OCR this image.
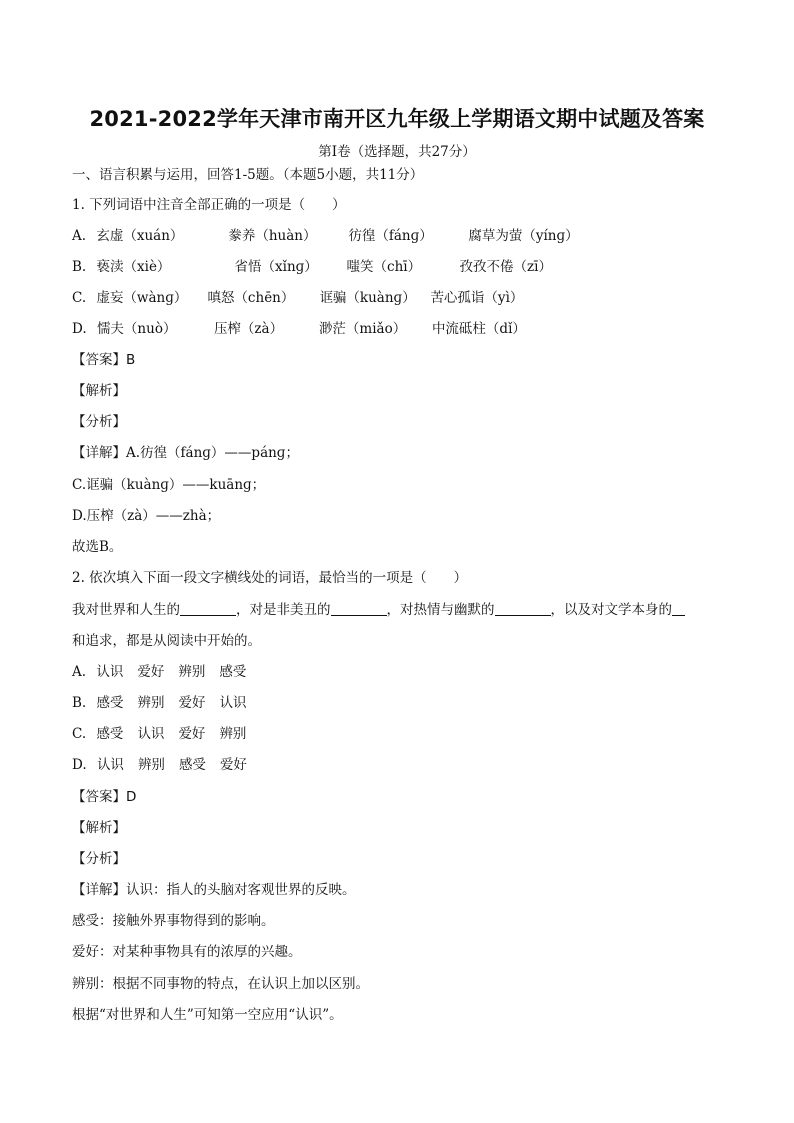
2021-2022学年天津市南开区九年级上学期语文期中试题及答案
第Ⅰ卷（选择题，共27分）
一、语言积累与运用，回答1-5题。（本题5小题，共11分）
1. 下列词语中注音全部正确的一项是（　　）
A. 玄虚（xuán）	豢养（huàn） 彷徨（fánɡ）	腐草为萤（yínɡ）
B. 亵渎（xiè）	省悟（xǐnɡ） 嗤笑（chī）	孜孜不倦（zī）
C. 虚妄（wànɡ） 嗔怒（chēn） 诓骗（kuànɡ） 苦心孤诣（yì）
D. 懦夫（nuò）	压榨（zà）	渺茫（miǎo） 中流砥柱（dǐ）
【答案】B
【解析】
【分析】
【详解】A.彷徨（fánɡ）——pánɡ；
C.诓骗（kuànɡ）——kuānɡ；
D.压榨（zà）——zhà；
故选B。
2. 依次填入下面一段文字横线处的词语，最恰当的一项是（　　）
我对世界和人生的	，对是非美丑的	，对热情与幽默的	，以及对文学本身的
和追求，都是从阅读中开始的。
A. 认识 爱好 辨别 感受
B. 感受 辨别 爱好 认识
C. 感受 认识 爱好 辨别
D. 认识 辨别 感受 爱好
【答案】D
【解析】
【分析】
【详解】认识：指人的头脑对客观世界的反映。
感受：接触外界事物得到的影响。
爱好：对某种事物具有的浓厚的兴趣。
辨别：根据不同事物的特点，在认识上加以区别。
根据“对世界和人生”可知第一空应用“认识”。
